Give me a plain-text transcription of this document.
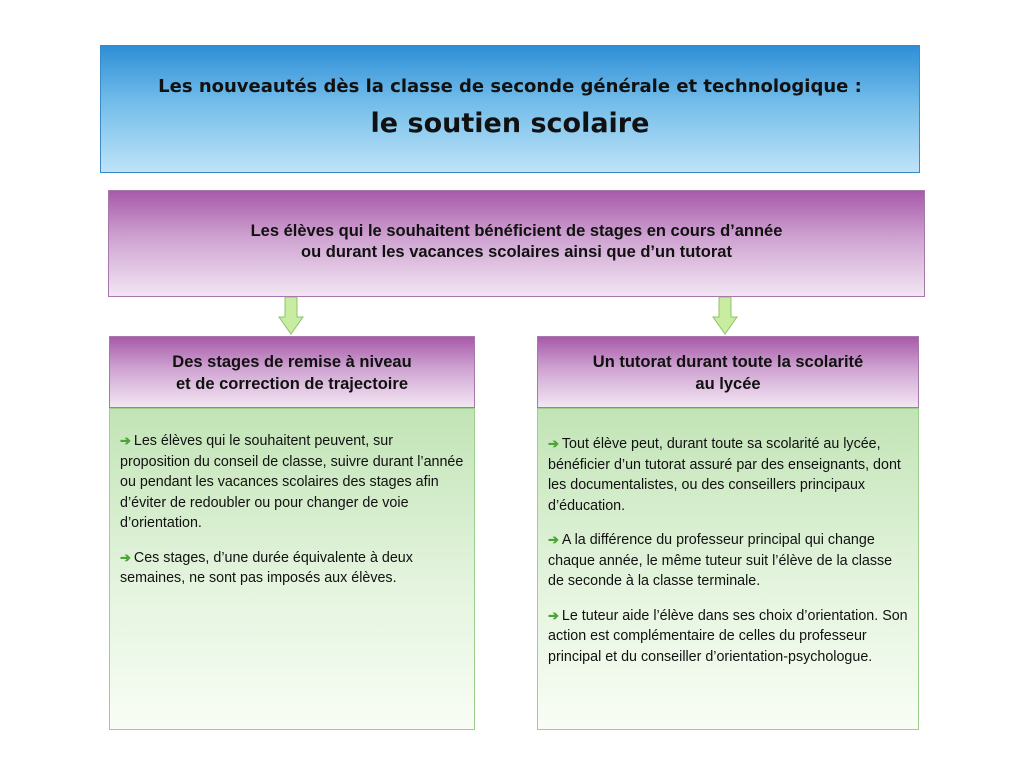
Les nouveautés dès la classe de seconde générale et technologique :
le soutien scolaire
Les élèves qui le souhaitent bénéficient de stages en cours d’année
ou durant les vacances scolaires ainsi que d’un tutorat
Des stages de remise à niveau
et de correction de trajectoire

➔ Les élèves qui le souhaitent peuvent, sur proposition du conseil de classe, suivre durant l’année ou pendant les vacances scolaires des stages afin d’éviter de redoubler ou pour changer de voie d’orientation.

➔ Ces stages, d’une durée équivalente à deux semaines, ne sont pas imposés aux élèves.

Un tutorat durant toute la scolarité
au lycée

➔ Tout élève peut, durant toute sa scolarité au lycée, bénéficier d’un tutorat assuré par des enseignants, dont les documentalistes, ou des conseillers principaux d’éducation.

➔ A la différence du professeur principal qui change chaque année, le même tuteur suit l’élève de la classe de seconde à la classe terminale.

➔ Le tuteur aide l’élève dans ses choix d’orientation. Son action est complémentaire de celles du professeur principal et du conseiller d’orientation-psychologue.
